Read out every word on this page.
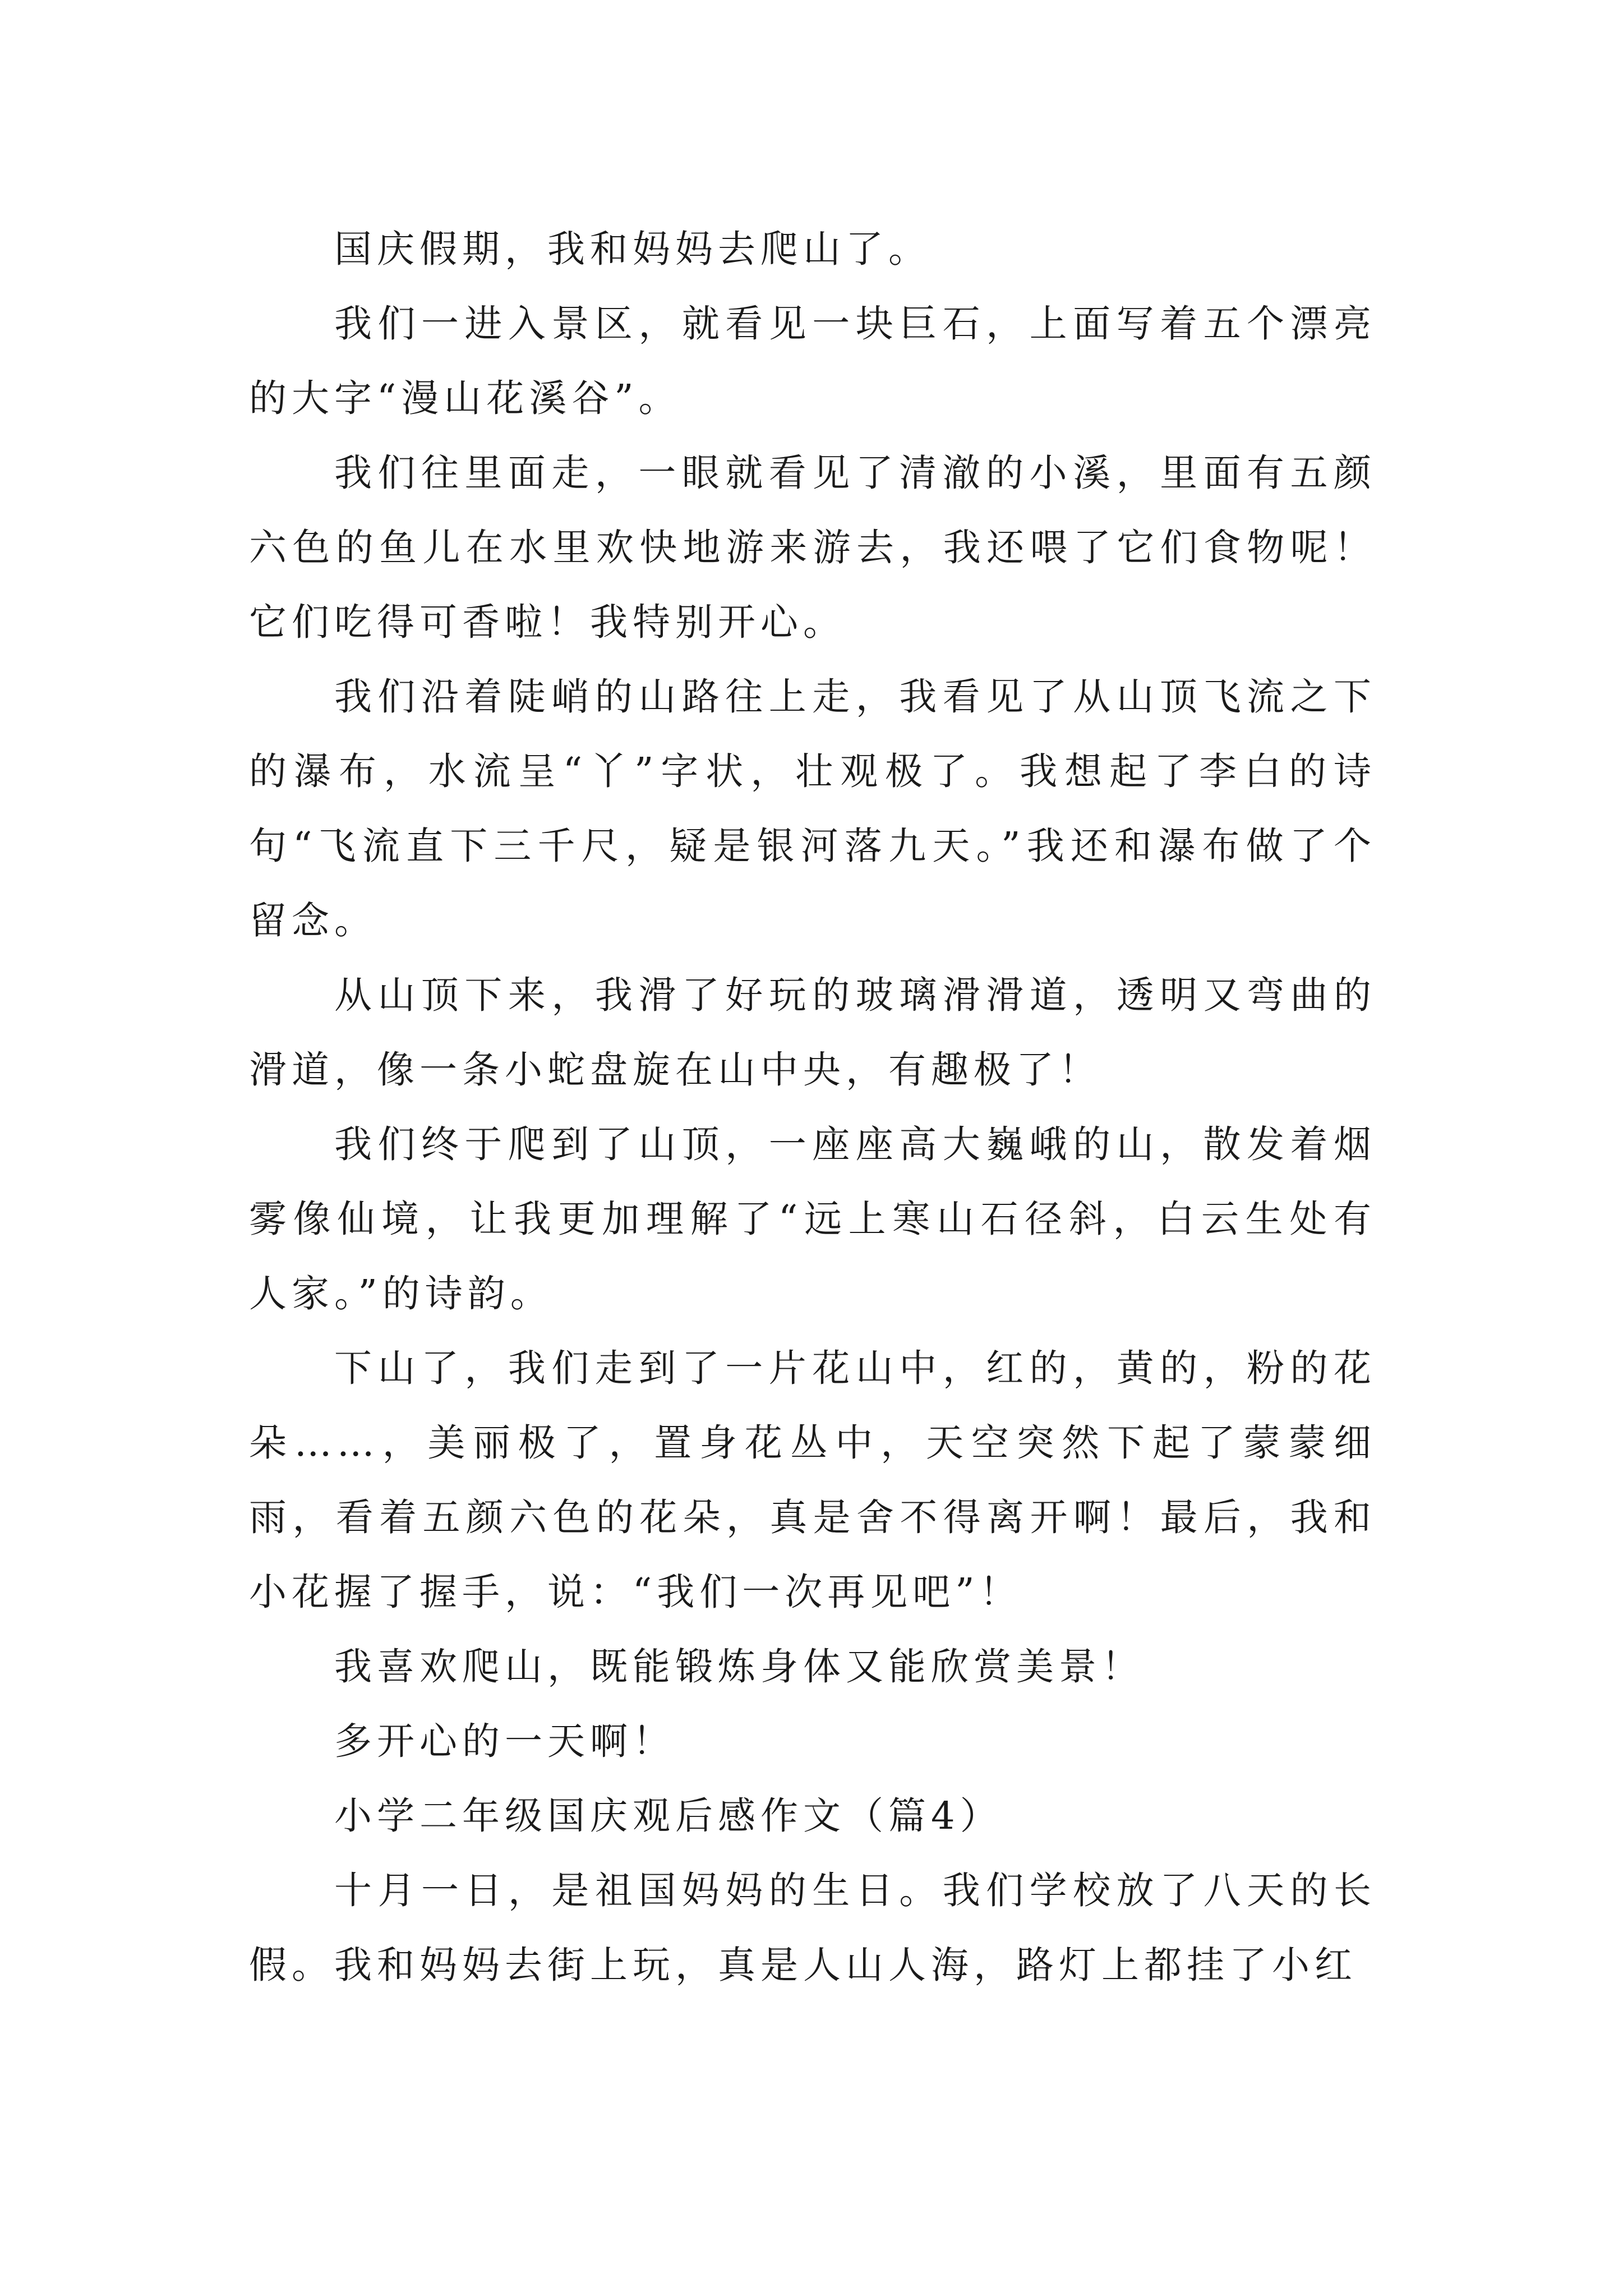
国庆假期，我和妈妈去爬山了。

我们一进入景区，就看见一块巨石，上面写着五个漂亮的大字“漫山花溪谷”。

我们往里面走，一眼就看见了清澈的小溪，里面有五颜六色的鱼儿在水里欢快地游来游去，我还喂了它们食物呢！它们吃得可香啦！我特别开心。

我们沿着陡峭的山路往上走，我看见了从山顶飞流之下的瀑布，水流呈“丫”字状，壮观极了。我想起了李白的诗句“飞流直下三千尺，疑是银河落九天。”我还和瀑布做了个留念。

从山顶下来，我滑了好玩的玻璃滑滑道，透明又弯曲的滑道，像一条小蛇盘旋在山中央，有趣极了！

我们终于爬到了山顶，一座座高大巍峨的山，散发着烟雾像仙境，让我更加理解了“远上寒山石径斜，白云生处有人家。”的诗韵。

下山了，我们走到了一片花山中，红的，黄的，粉的花朵……，美丽极了，置身花丛中，天空突然下起了蒙蒙细雨，看着五颜六色的花朵，真是舍不得离开啊！最后，我和小花握了握手，说：“我们一次再见吧”！

我喜欢爬山，既能锻炼身体又能欣赏美景！

多开心的一天啊！

小学二年级国庆观后感作文（篇4）

十月一日，是祖国妈妈的生日。我们学校放了八天的长假。我和妈妈去街上玩，真是人山人海，路灯上都挂了小红
